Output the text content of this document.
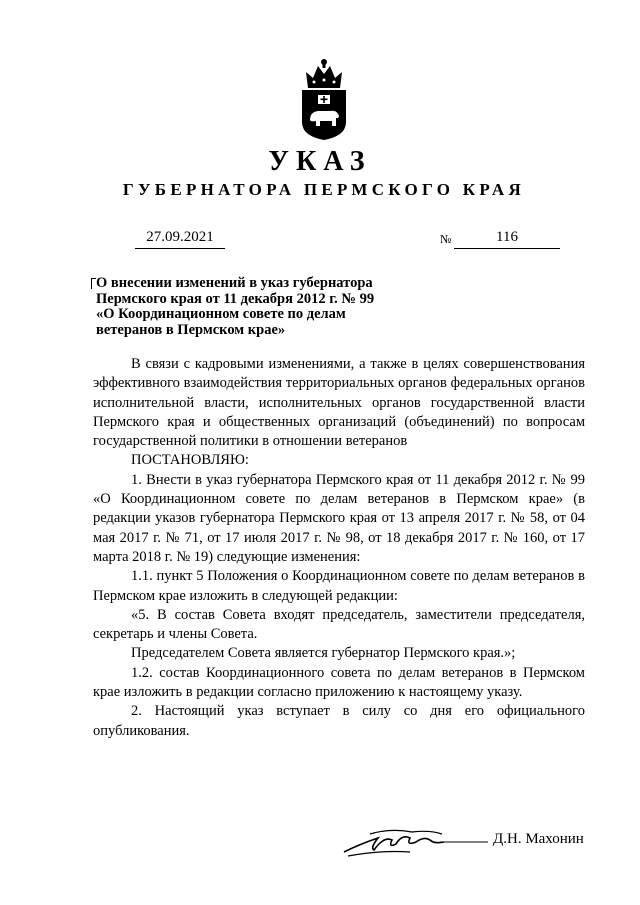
УКАЗ
ГУБЕРНАТОРА ПЕРМСКОГО КРАЯ
27.09.2021	№	116
О внесении изменений в указ губернатора
Пермского края от 11 декабря 2012 г. № 99
«О Координационном совете по делам
ветеранов в Пермском крае»

В связи с кадровыми изменениями, а также в целях совершенствования эффективного взаимодействия территориальных органов федеральных органов исполнительной власти, исполнительных органов государственной власти Пермского края и общественных организаций (объединений) по вопросам государственной политики в отношении ветеранов

ПОСТАНОВЛЯЮ:

1. Внести в указ губернатора Пермского края от 11 декабря 2012 г. № 99 «О Координационном совете по делам ветеранов в Пермском крае» (в редакции указов губернатора Пермского края от 13 апреля 2017 г. № 58, от 04 мая 2017 г. № 71, от 17 июля 2017 г. № 98, от 18 декабря 2017 г. № 160, от 17 марта 2018 г. № 19) следующие изменения:

1.1. пункт 5 Положения о Координационном совете по делам ветеранов в Пермском крае изложить в следующей редакции:

«5. В состав Совета входят председатель, заместители председателя, секретарь и члены Совета.

Председателем Совета является губернатор Пермского края.»;

1.2. состав Координационного совета по делам ветеранов в Пермском крае изложить в редакции согласно приложению к настоящему указу.

2. Настоящий указ вступает в силу со дня его официального опубликования.

Д.Н. Махонин
